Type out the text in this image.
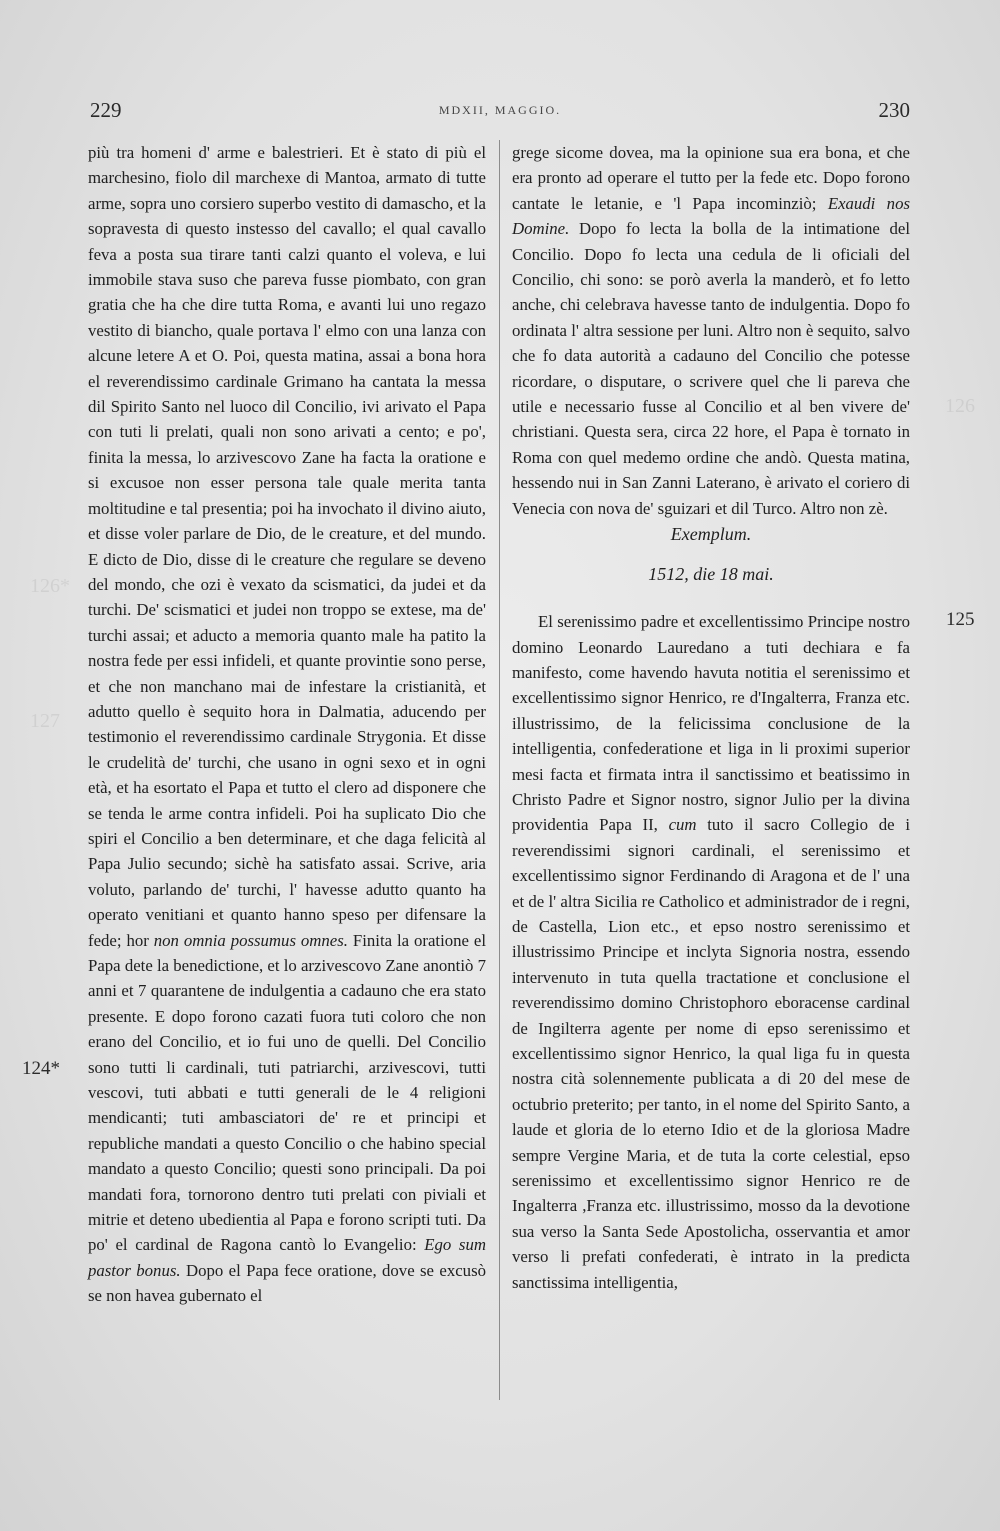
126
126*
127
229	MDXII, MAGGIO.	230

più tra homeni d' arme e balestrieri. Et è stato di più el marchesino, fiolo dil marchexe di Mantoa, armato di tutte arme, sopra uno corsiero superbo vestito di damascho, et la sopravesta di questo instesso del cavallo; el qual cavallo feva a posta sua tirare tanti calzi quanto el voleva, e lui immobile stava suso che pareva fusse piombato, con gran gratia che ha che dire tutta Roma, e avanti lui uno regazo vestito di biancho, quale portava l' elmo con una lanza con alcune letere A et O. Poi, questa matina, assai a bona hora el reverendissimo cardinale Grimano ha cantata la messa dil Spirito Santo nel luoco dil Concilio, ivi arivato el Papa con tuti li prelati, quali non sono arivati a cento; e po', finita la messa, lo arzivescovo Zane ha facta la oratione e si excusoe non esser persona tale quale merita tanta moltitudine e tal presentia; poi ha invochato il divino aiuto, et disse voler parlare de Dio, de le creature, et del mundo. E dicto de Dio, disse di le creature che regulare se deveno del mondo, che ozi è vexato da scismatici, da judei et da turchi. De' scismatici et judei non troppo se extese, ma de' turchi assai; et aducto a memoria quanto male ha patito la nostra fede per essi infideli, et quante provintie sono perse, et che non manchano mai de infestare la cristianità, et adutto quello è sequito hora in Dalmatia, aducendo per testimonio el reverendissimo cardinale Strygonia. Et disse le crudelità de' turchi, che usano in ogni sexo et in ogni età, et ha esortato el Papa et tutto el clero ad disponere che se tenda le arme contra infideli. Poi ha suplicato Dio che spiri el Concilio a ben determinare, et che daga felicità al Papa Julio secundo; sichè ha satisfato assai. Scrive, aria voluto, parlando de' turchi, l' havesse adutto quanto ha operato venitiani et quanto hanno speso per difensare la fede; hor non omnia possumus omnes. Finita la oratione el Papa dete la benedictione, et lo arzivescovo Zane anontiò 7 anni et 7 quarantene de indulgentia a cadauno che era stato presente. E dopo forono cazati fuora tuti coloro che non erano del Concilio, et io fui uno de quelli. Del Concilio sono tutti li cardinali, tuti patriarchi, arzivescovi, tutti vescovi, tuti abbati e tutti generali de le 4 religioni mendicanti; tuti ambasciatori de' re et principi et republiche mandati a questo Concilio o che habino special mandato a questo Concilio; questi sono principali. Da poi mandati fora, tornorono dentro tuti prelati con piviali et mitrie et deteno ubedientia al Papa e forono scripti tuti. Da po' el cardinal de Ragona cantò lo Evangelio: Ego sum pastor bonus. Dopo el Papa fece oratione, dove se excusò se non havea gubernato el

grege sicome dovea, ma la opinione sua era bona, et che era pronto ad operare el tutto per la fede etc. Dopo forono cantate le letanie, e 'l Papa incominziò; Exaudi nos Domine. Dopo fo lecta la bolla de la intimatione del Concilio. Dopo fo lecta una cedula de li oficiali del Concilio, chi sono: se porò averla la manderò, et fo letto anche, chi celebrava havesse tanto de indulgentia. Dopo fo ordinata l' altra sessione per luni. Altro non è sequito, salvo che fo data autorità a cadauno del Concilio che potesse ricordare, o disputare, o scrivere quel che li pareva che utile e necessario fusse al Concilio et al ben vivere de' christiani. Questa sera, circa 22 hore, el Papa è tornato in Roma con quel medemo ordine che andò. Questa matina, hessendo nui in San Zanni Laterano, è arivato el coriero di Venecia con nova de' sguizari et dil Turco. Altro non zè.

Exemplum.

1512, die 18 mai.

El serenissimo padre et excellentissimo Principe nostro domino Leonardo Lauredano a tuti dechiara e fa manifesto, come havendo havuta notitia el serenissimo et excellentissimo signor Henrico, re d'Ingalterra, Franza etc. illustrissimo, de la felicissima conclusione de la intelligentia, confederatione et liga in li proximi superior mesi facta et firmata intra il sanctissimo et beatissimo in Christo Padre et Signor nostro, signor Julio per la divina providentia Papa II, cum tuto il sacro Collegio de i reverendissimi signori cardinali, el serenissimo et excellentissimo signor Ferdinando di Aragona et de l' una et de l' altra Sicilia re Catholico et administrador de i regni, de Castella, Lion etc., et epso nostro serenissimo et illustrissimo Principe et inclyta Signoria nostra, essendo intervenuto in tuta quella tractatione et conclusione el reverendissimo domino Christophoro eboracense cardinal de Ingilterra agente per nome di epso serenissimo et excellentissimo signor Henrico, la qual liga fu in questa nostra cità solennemente publicata a di 20 del mese de octubrio preterito; per tanto, in el nome del Spirito Santo, a laude et gloria de lo eterno Idio et de la gloriosa Madre sempre Vergine Maria, et de tuta la corte celestial, epso serenissimo et excellentissimo signor Henrico re de Ingalterra ,Franza etc. illustrissimo, mosso da la devotione sua verso la Santa Sede Apostolicha, osservantia et amor verso li prefati confederati, è intrato in la predicta sanctissima intelligentia,

124*
125
